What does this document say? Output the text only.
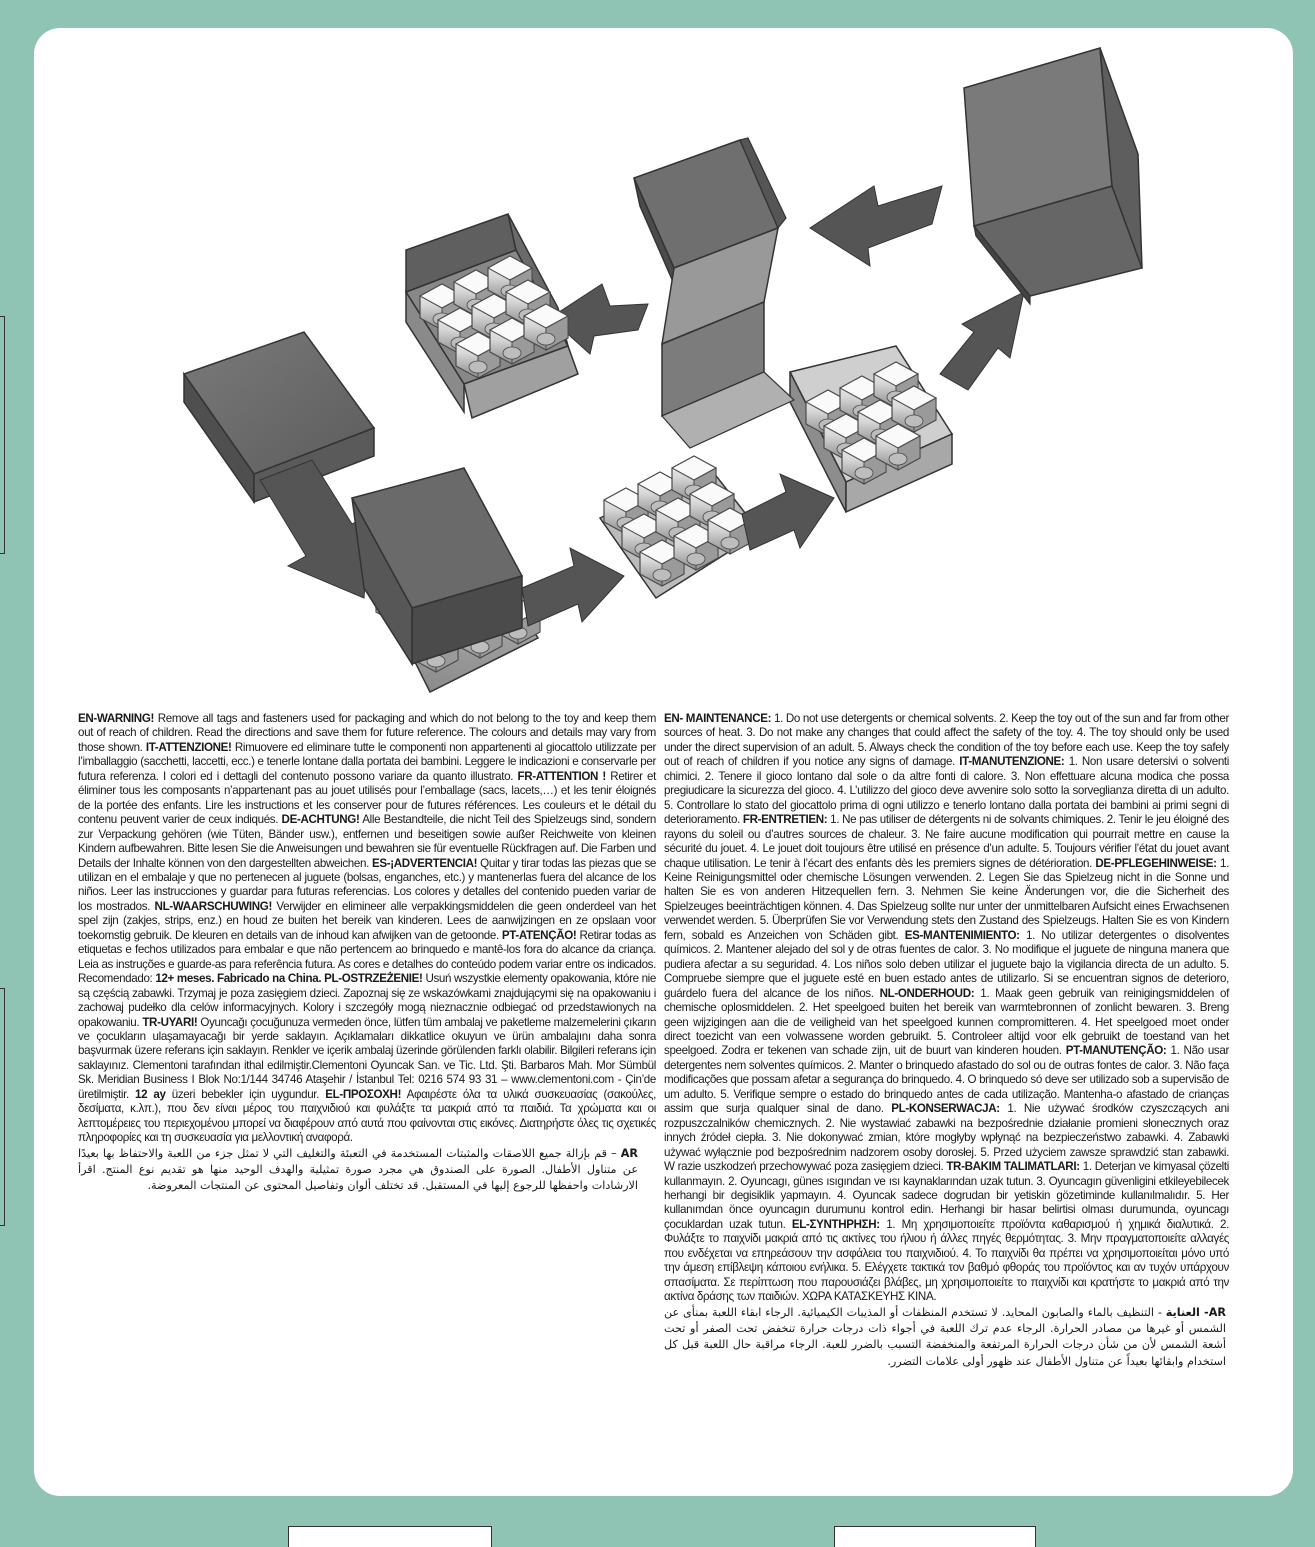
EN-WARNING! Remove all tags and fasteners used for packaging and which do not belong to the toy and keep them out of reach of children. Read the directions and save them for future reference. The colours and details may vary from those shown. IT-ATTENZIONE! Rimuovere ed eliminare tutte le componenti non appartenenti al giocattolo utilizzate per l’imballaggio (sacchetti, laccetti, ecc.) e tenerle lontane dalla portata dei bambini. Leggere le indicazioni e conservarle per futura referenza. I colori ed i dettagli del contenuto possono variare da quanto illustrato. FR-ATTENTION ! Retirer et éliminer tous les composants n’appartenant pas au jouet utilisés pour l’emballage (sacs, lacets,…) et les tenir éloignés de la portée des enfants. Lire les instructions et les conserver pour de futures références. Les couleurs et le détail du contenu peuvent varier de ceux indiqués. DE-ACHTUNG! Alle Bestandteile, die nicht Teil des Spielzeugs sind, sondern zur Verpackung gehören (wie Tüten, Bänder usw.), entfernen und beseitigen sowie außer Reichweite von kleinen Kindern aufbewahren. Bitte lesen Sie die Anweisungen und bewahren sie für eventuelle Rückfragen auf. Die Farben und Details der Inhalte können von den dargestellten abweichen. ES-¡ADVERTENCIA! Quitar y tirar todas las piezas que se utilizan en el embalaje y que no pertenecen al juguete (bolsas, enganches, etc.) y mantenerlas fuera del alcance de los niños. Leer las instrucciones y guardar para futuras referencias. Los colores y detalles del contenido pueden variar de los mostrados. NL-WAARSCHUWING! Verwijder en elimineer alle verpakkingsmiddelen die geen onderdeel van het spel zijn (zakjes, strips, enz.) en houd ze buiten het bereik van kinderen. Lees de aanwijzingen en ze opslaan voor toekomstig gebruik. De kleuren en details van de inhoud kan afwijken van de getoonde. PT-ATENÇÃO! Retirar todas as etiquetas e fechos utilizados para embalar e que não pertencem ao brinquedo e mantê-los fora do alcance da criança. Leia as instruções e guarde-as para referência futura. As cores e detalhes do conteúdo podem variar entre os indicados. Recomendado: 12+ meses. Fabricado na China. PL-OSTRZEŻENIE! Usuń wszystkie elementy opakowania, które nie są częścią zabawki. Trzymaj je poza zasięgiem dzieci. Zapoznaj się ze wskazówkami znajdującymi się na opakowaniu i zachowaj pudełko dla celów informacyjnych. Kolory i szczegóły mogą nieznacznie odbiegać od przedstawionych na opakowaniu. TR-UYARI! Oyuncağı çocuğunuza vermeden önce, lütfen tüm ambalaj ve paketleme malzemelerini çıkarın ve çocukların ulaşamayacağı bir yerde saklayın. Açıklamaları dikkatlice okuyun ve ürün ambalajını daha sonra başvurmak üzere referans için saklayın. Renkler ve içerik ambalaj üzerinde görülenden farklı olabilir. Bilgileri referans için saklayınız. Clementoni tarafından ithal edilmiştir.Clementoni Oyuncak San. ve Tic. Ltd. Şti. Barbaros Mah. Mor Sümbül Sk. Meridian Business I Blok No:1/144 34746 Ataşehir / İstanbul Tel: 0216 574 93 31 – www.clementoni.com - Çin’de üretilmiştir. 12 ay üzeri bebekler için uygundur. EL-ΠΡΟΣΟΧΗ! Αφαιρέστε όλα τα υλικά συσκευασίας (σακούλες, δεσίματα, κ.λπ.), που δεν είναι μέρος του παιχνιδιού και φυλάξτε τα μακριά από τα παιδιά. Τα χρώματα και οι λεπτομέρειες του περιεχομένου μπορεί να διαφέρουν από αυτά που φαίνονται στις εικόνες. Διατηρήστε όλες τις σχετικές πληροφορίες και τη συσκευασία για μελλοντική αναφορά.

AR – قم بإزالة جميع اللاصقات والمثبتات المستخدمة في التعبئة والتغليف التي لا تمثل جزء من اللعبة والاحتفاظ بها بعيدًا عن متناول الأطفال. الصورة على الصندوق هي مجرد صورة تمثيلية والهدف الوحيد منها هو تقديم نوع المنتج. اقرأ الارشادات واحفظها للرجوع إليها في المستقبل. قد تختلف ألوان وتفاصيل المحتوى عن المنتجات المعروضة.

EN- MAINTENANCE: 1. Do not use detergents or chemical solvents. 2. Keep the toy out of the sun and far from other sources of heat. 3. Do not make any changes that could affect the safety of the toy. 4. The toy should only be used under the direct supervision of an adult. 5. Always check the condition of the toy before each use. Keep the toy safely out of reach of children if you notice any signs of damage. IT-MANUTENZIONE: 1. Non usare detersivi o solventi chimici. 2. Tenere il gioco lontano dal sole o da altre fonti di calore. 3. Non effettuare alcuna modica che possa pregiudicare la sicurezza del gioco. 4. L’utilizzo del gioco deve avvenire solo sotto la sorveglianza diretta di un adulto. 5. Controllare lo stato del giocattolo prima di ogni utilizzo e tenerlo lontano dalla portata dei bambini ai primi segni di deterioramento. FR-ENTRETIEN: 1. Ne pas utiliser de détergents ni de solvants chimiques. 2. Tenir le jeu éloigné des rayons du soleil ou d’autres sources de chaleur. 3. Ne faire aucune modification qui pourrait mettre en cause la sécurité du jouet. 4. Le jouet doit toujours être utilisé en présence d’un adulte. 5. Toujours vérifier l’état du jouet avant chaque utilisation. Le tenir à l’écart des enfants dès les premiers signes de détérioration. DE-PFLEGEHINWEISE: 1. Keine Reinigungsmittel oder chemische Lösungen verwenden. 2. Legen Sie das Spielzeug nicht in die Sonne und halten Sie es von anderen Hitzequellen fern. 3. Nehmen Sie keine Änderungen vor, die die Sicherheit des Spielzeuges beeinträchtigen können. 4. Das Spielzeug sollte nur unter der unmittelbaren Aufsicht eines Erwachsenen verwendet werden. 5. Überprüfen Sie vor Verwendung stets den Zustand des Spielzeugs. Halten Sie es von Kindern fern, sobald es Anzeichen von Schäden gibt. ES-MANTENIMIENTO: 1. No utilizar detergentes o disolventes químicos. 2. Mantener alejado del sol y de otras fuentes de calor. 3. No modifique el juguete de ninguna manera que pudiera afectar a su seguridad. 4. Los niños solo deben utilizar el juguete bajo la vigilancia directa de un adulto. 5. Compruebe siempre que el juguete esté en buen estado antes de utilizarlo. Si se encuentran signos de deterioro, guárdelo fuera del alcance de los niños. NL-ONDERHOUD: 1. Maak geen gebruik van reinigingsmiddelen of chemische oplosmiddelen. 2. Het speelgoed buiten het bereik van warmtebronnen of zonlicht bewaren. 3. Breng geen wijzigingen aan die de veiligheid van het speelgoed kunnen compromitteren. 4. Het speelgoed moet onder direct toezicht van een volwassene worden gebruikt. 5. Controleer altijd voor elk gebruikt de toestand van het speelgoed. Zodra er tekenen van schade zijn, uit de buurt van kinderen houden. PT-MANUTENÇÃO: 1. Não usar detergentes nem solventes químicos. 2. Manter o brinquedo afastado do sol ou de outras fontes de calor. 3. Não faça modificações que possam afetar a segurança do brinquedo. 4. O brinquedo só deve ser utilizado sob a supervisão de um adulto. 5. Verifique sempre o estado do brinquedo antes de cada utilização. Mantenha-o afastado de crianças assim que surja qualquer sinal de dano. PL-KONSERWACJA: 1. Nie używać środków czyszczących ani rozpuszczalników chemicznych. 2. Nie wystawiać zabawki na bezpośrednie działanie promieni słonecznych oraz innych źródeł ciepła. 3. Nie dokonywać zmian, które mogłyby wpłynąć na bezpieczeństwo zabawki. 4. Zabawki używać wyłącznie pod bezpośrednim nadzorem osoby dorosłej. 5. Przed użyciem zawsze sprawdzić stan zabawki. W razie uszkodzeń przechowywać poza zasięgiem dzieci. TR-BAKIM TALIMATLARI: 1. Deterjan ve kimyasal çözelti kullanmayın. 2. Oyuncagı, günes ısıgından ve ısı kaynaklarından uzak tutun. 3. Oyuncagın güvenligini etkileyebilecek herhangi bir degisiklik yapmayın. 4. Oyuncak sadece dogrudan bir yetiskin gözetiminde kullanılmalıdır. 5. Her kullanımdan önce oyuncagın durumunu kontrol edin. Herhangi bir hasar belirtisi olması durumunda, oyuncagı çocuklardan uzak tutun. EL-ΣΥΝΤΗΡΗΣΗ: 1. Μη χρησιμοποιείτε προϊόντα καθαρισμού ή χημικά διαλυτικά. 2. Φυλάξτε το παιχνίδι μακριά από τις ακτίνες του ήλιου ή άλλες πηγές θερμότητας. 3. Μην πραγματοποιείτε αλλαγές που ενδέχεται να επηρεάσουν την ασφάλεια του παιχνιδιού. 4. Το παιχνίδι θα πρέπει να χρησιμοποιείται μόνο υπό την άμεση επίβλεψη κάποιου ενήλικα. 5. Ελέγχετε τακτικά τον βαθμό φθοράς του προϊόντος και αν τυχόν υπάρχουν σπασίματα. Σε περίπτωση που παρουσιάζει βλάβες, μη χρησιμοποιείτε το παιχνίδι και κρατήστε το μακριά από την ακτίνα δράσης των παιδιών. ΧΩΡΑ ΚΑΤΑΣΚΕΥΗΣ ΚΙΝΑ.

AR- العناية - التنظيف بالماء والصابون المحايد. لا تستخدم المنظفات أو المذيبات الكيميائية. الرجاء ابقاء اللعبة بمنأى عن الشمس أو غيرها من مصادر الحرارة. الرجاء عدم ترك اللعبة في أجواء ذات درجات حرارة تنخفض تحت الصفر أو تحت أشعة الشمس لأن من شأن درجات الحرارة المرتفعة والمنخفضة التسبب بالضرر للعبة. الرجاء مراقبة حال اللعبة قبل كل استخدام وابقائها بعيداً عن متناول الأطفال عند ظهور أولى علامات التضرر.
